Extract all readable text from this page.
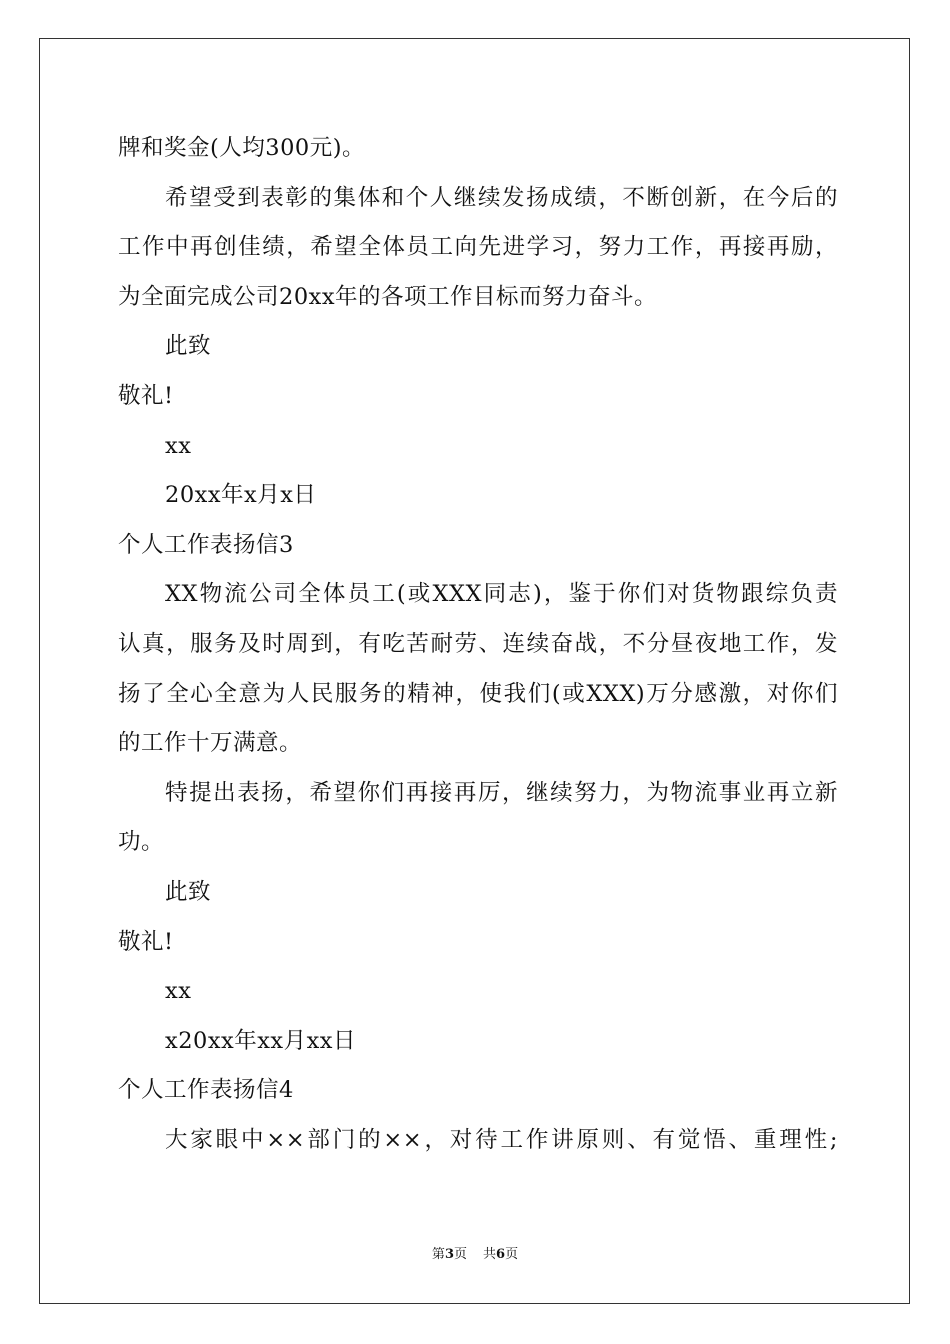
牌和奖金(人均300元)。
希望受到表彰的集体和个人继续发扬成绩，不断创新，在今后的
工作中再创佳绩，希望全体员工向先进学习，努力工作，再接再励，
为全面完成公司20xx年的各项工作目标而努力奋斗。
此致
敬礼!
xx
20xx年x月x日
个人工作表扬信3
XX物流公司全体员工(或XXX同志)，鉴于你们对货物跟综负责
认真，服务及时周到，有吃苦耐劳、连续奋战，不分昼夜地工作，发
扬了全心全意为人民服务的精神，使我们(或XXX)万分感激，对你们
的工作十万满意。
特提出表扬，希望你们再接再厉，继续努力，为物流事业再立新
功。
此致
敬礼!
xx
x20xx年xx月xx日
个人工作表扬信4
大家眼中××部门的××，对待工作讲原则、有觉悟、重理性;
第3页 共6页
